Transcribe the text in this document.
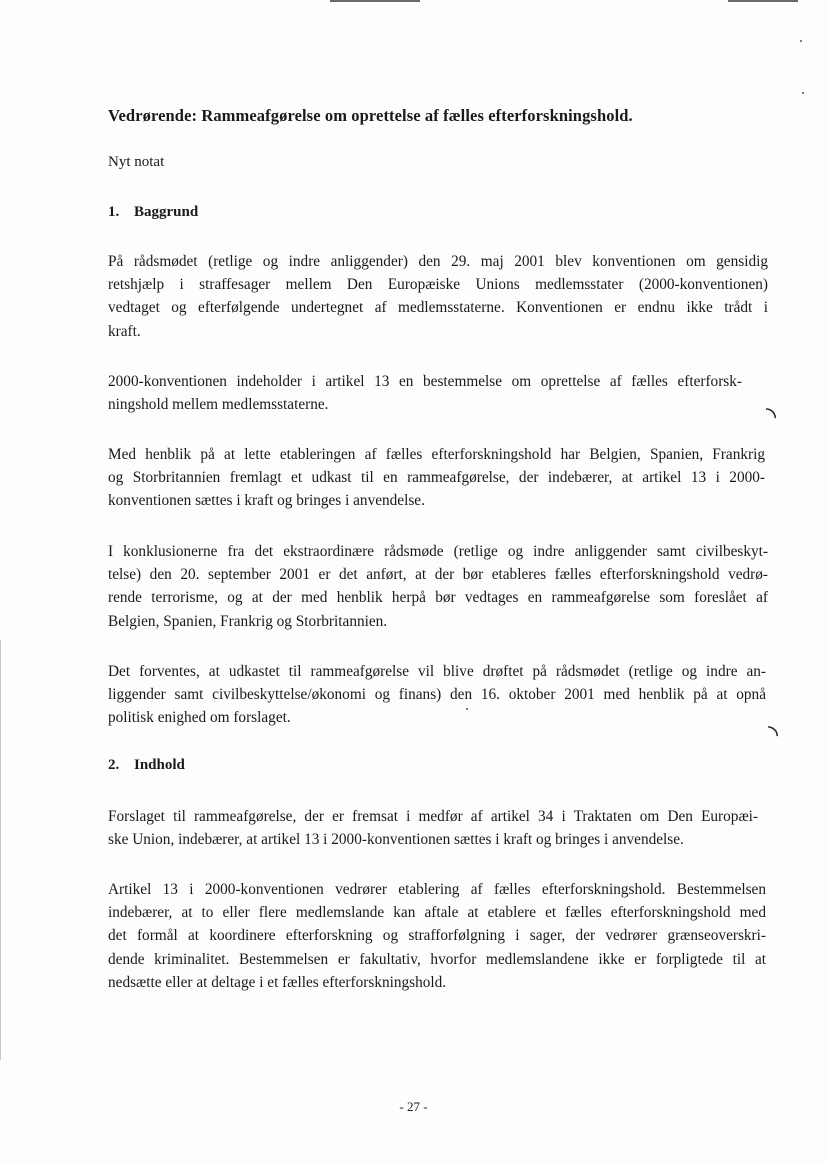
Vedrørende: Rammeafgørelse om oprettelse af fælles efterforskningshold.
Nyt notat
1. Baggrund

På rådsmødet (retlige og indre anliggender) den 29. maj 2001 blev konventionen om gensidig
retshjælp i straffesager mellem Den Europæiske Unions medlemsstater (2000-konventionen)
vedtaget og efterfølgende undertegnet af medlemsstaterne. Konventionen er endnu ikke trådt i
kraft.

2000-konventionen indeholder i artikel 13 en bestemmelse om oprettelse af fælles efterforsk-
ningshold mellem medlemsstaterne.

Med henblik på at lette etableringen af fælles efterforskningshold har Belgien, Spanien, Frankrig
og Storbritannien fremlagt et udkast til en rammeafgørelse, der indebærer, at artikel 13 i 2000-
konventionen sættes i kraft og bringes i anvendelse.

I konklusionerne fra det ekstraordinære rådsmøde (retlige og indre anliggender samt civilbeskyt-
telse) den 20. september 2001 er det anført, at der bør etableres fælles efterforskningshold vedrø-
rende terrorisme, og at der med henblik herpå bør vedtages en rammeafgørelse som foreslået af
Belgien, Spanien, Frankrig og Storbritannien.

Det forventes, at udkastet til rammeafgørelse vil blive drøftet på rådsmødet (retlige og indre an-
liggender samt civilbeskyttelse/økonomi og finans) den 16. oktober 2001 med henblik på at opnå
politisk enighed om forslaget.

2. Indhold

Forslaget til rammeafgørelse, der er fremsat i medfør af artikel 34 i Traktaten om Den Europæi-
ske Union, indebærer, at artikel 13 i 2000-konventionen sættes i kraft og bringes i anvendelse.

Artikel 13 i 2000-konventionen vedrører etablering af fælles efterforskningshold. Bestemmelsen
indebærer, at to eller flere medlemslande kan aftale at etablere et fælles efterforskningshold med
det formål at koordinere efterforskning og strafforfølgning i sager, der vedrører grænseoverskri-
dende kriminalitet. Bestemmelsen er fakultativ, hvorfor medlemslandene ikke er forpligtede til at
nedsætte eller at deltage i et fælles efterforskningshold.

◝
◝
- 27 -
